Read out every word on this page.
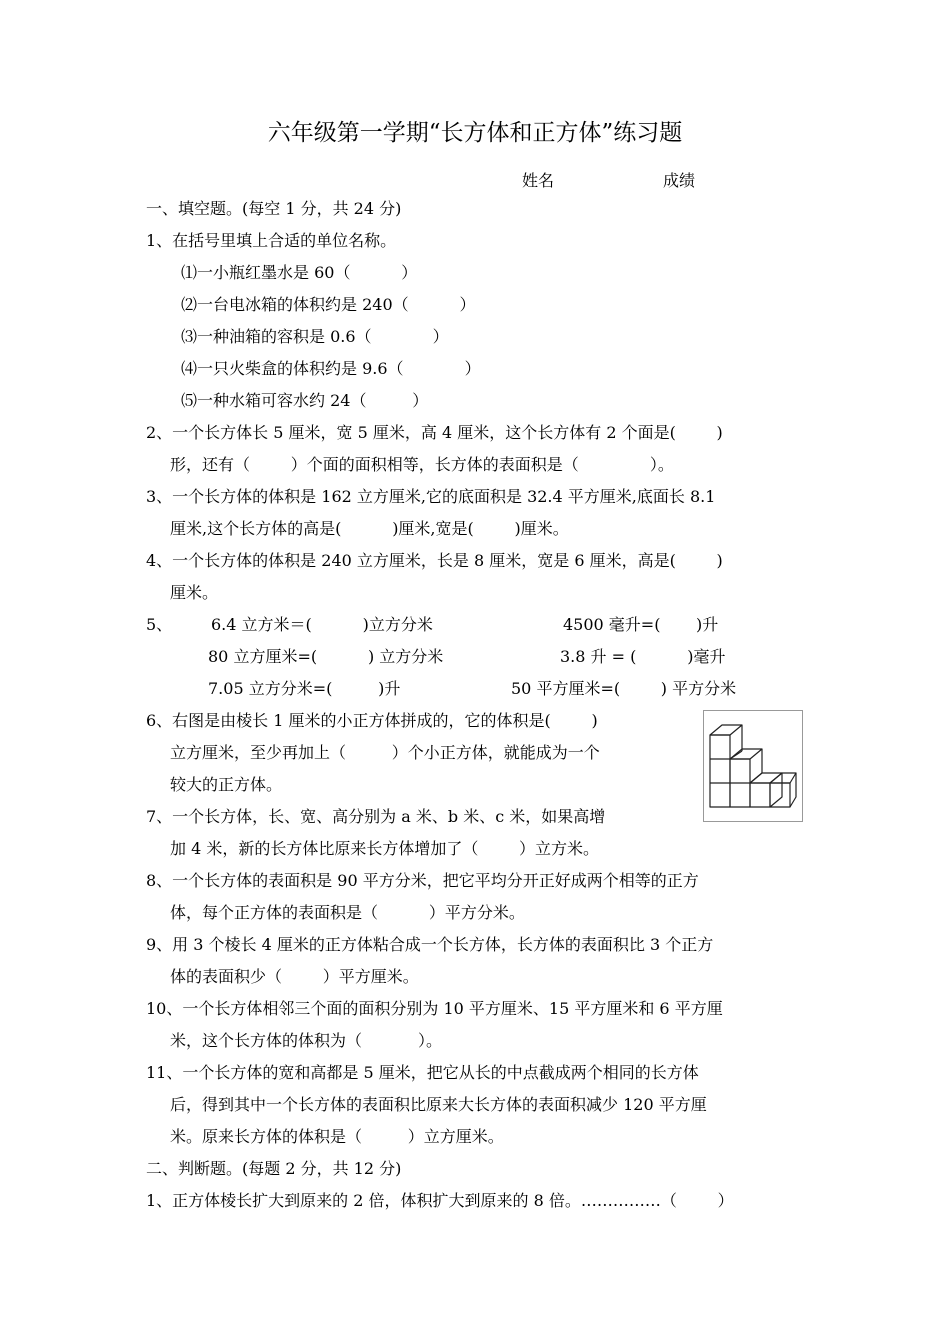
六年级第一学期“长方体和正方体”练习题
姓名	成绩
一、填空题。(每空 1 分，共 24 分)
1、在括号里填上合适的单位名称。
⑴一小瓶红墨水是 60（          ）
⑵一台电冰箱的体积约是 240（          ）
⑶一种油箱的容积是 0.6（            ）
⑷一只火柴盒的体积约是 9.6（            ）
⑸一种水箱可容水约 24（         ）
2、一个长方体长 5 厘米，宽 5 厘米，高 4 厘米，这个长方体有 2 个面是(        )
形，还有（        ）个面的面积相等，长方体的表面积是（              ）。
3、一个长方体的体积是 162 立方厘米,它的底面积是 32.4 平方厘米,底面长 8.1
厘米,这个长方体的高是(          )厘米,宽是(        )厘米。
4、一个长方体的体积是 240 立方厘米，长是 8 厘米，宽是 6 厘米，高是(        )
厘米。
5、 6.4 立方米＝(          )立方分米	4500 毫升=(       )升
80 立方厘米=(          ) 立方分米	3.8 升 = (          )毫升
7.05 立方分米=(         )升	50 平方厘米=(        ) 平方分米
6、右图是由棱长 1 厘米的小正方体拼成的，它的体积是(        )
立方厘米，至少再加上（         ）个小正方体，就能成为一个
较大的正方体。
7、一个长方体，长、宽、高分别为 a 米、b 米、c 米，如果高增
加 4 米，新的长方体比原来长方体增加了（        ）立方米。
8、一个长方体的表面积是 90 平方分米，把它平均分开正好成两个相等的正方
体，每个正方体的表面积是（          ）平方分米。
9、用 3 个棱长 4 厘米的正方体粘合成一个长方体，长方体的表面积比 3 个正方
体的表面积少（        ）平方厘米。
10、一个长方体相邻三个面的面积分别为 10 平方厘米、15 平方厘米和 6 平方厘
米，这个长方体的体积为（           ）。
11、一个长方体的宽和高都是 5 厘米，把它从长的中点截成两个相同的长方体
后，得到其中一个长方体的表面积比原来大长方体的表面积减少 120 平方厘
米。原来长方体的体积是（         ）立方厘米。
二、判断题。(每题 2 分，共 12 分)
1、正方体棱长扩大到原来的 2 倍，体积扩大到原来的 8 倍。……………（        ）
